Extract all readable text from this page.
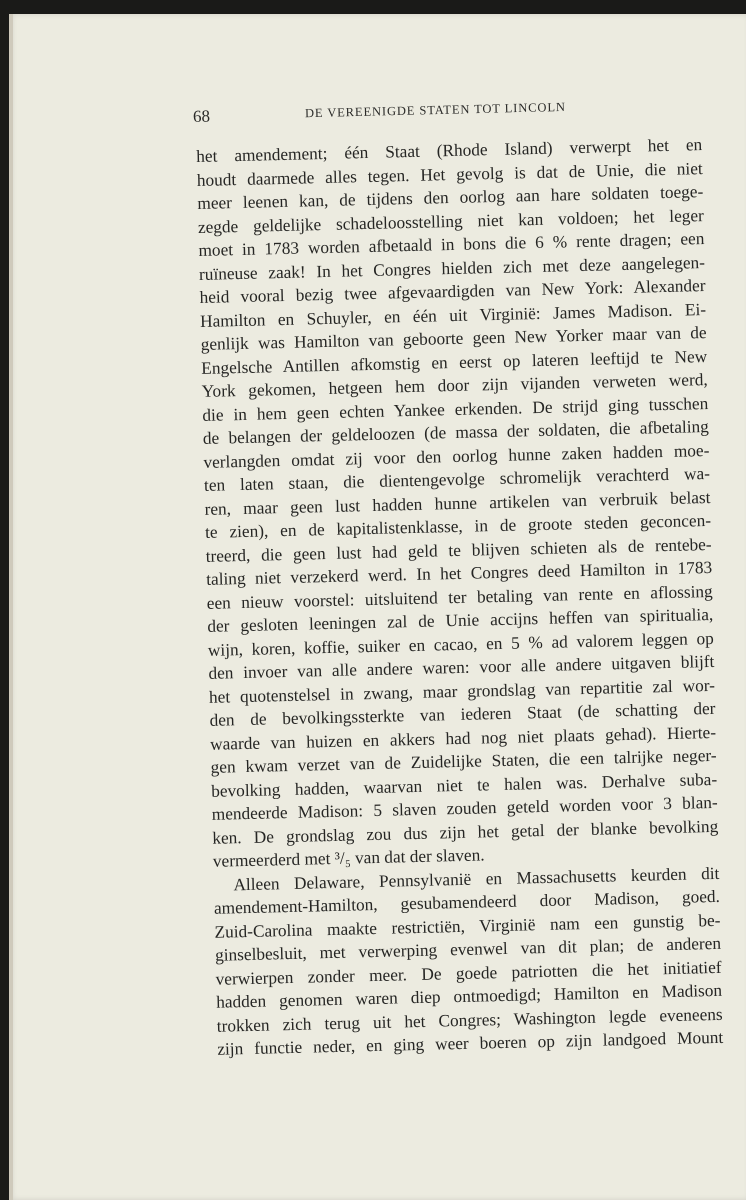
68	DE VEREENIGDE STATEN TOT LINCOLN
het amendement; één Staat (Rhode Island) verwerpt het en
houdt daarmede alles tegen. Het gevolg is dat de Unie, die niet
meer leenen kan, de tijdens den oorlog aan hare soldaten toege-
zegde geldelijke schadeloosstelling niet kan voldoen; het leger
moet in 1783 worden afbetaald in bons die 6 % rente dragen; een
ruïneuse zaak! In het Congres hielden zich met deze aangelegen-
heid vooral bezig twee afgevaardigden van New York: Alexander
Hamilton en Schuyler, en één uit Virginië: James Madison. Ei-
genlijk was Hamilton van geboorte geen New Yorker maar van de
Engelsche Antillen afkomstig en eerst op lateren leeftijd te New
York gekomen, hetgeen hem door zijn vijanden verweten werd,
die in hem geen echten Yankee erkenden. De strijd ging tusschen
de belangen der geldeloozen (de massa der soldaten, die afbetaling
verlangden omdat zij voor den oorlog hunne zaken hadden moe-
ten laten staan, die dientengevolge schromelijk verachterd wa-
ren, maar geen lust hadden hunne artikelen van verbruik belast
te zien), en de kapitalistenklasse, in de groote steden geconcen-
treerd, die geen lust had geld te blijven schieten als de rentebe-
taling niet verzekerd werd. In het Congres deed Hamilton in 1783
een nieuw voorstel: uitsluitend ter betaling van rente en aflossing
der gesloten leeningen zal de Unie accijns heffen van spiritualia,
wijn, koren, koffie, suiker en cacao, en 5 % ad valorem leggen op
den invoer van alle andere waren: voor alle andere uitgaven blijft
het quotenstelsel in zwang, maar grondslag van repartitie zal wor-
den de bevolkingssterkte van iederen Staat (de schatting der
waarde van huizen en akkers had nog niet plaats gehad). Hierte-
gen kwam verzet van de Zuidelijke Staten, die een talrijke neger-
bevolking hadden, waarvan niet te halen was. Derhalve suba-
mendeerde Madison: 5 slaven zouden geteld worden voor 3 blan-
ken. De grondslag zou dus zijn het getal der blanke bevolking
vermeerderd met ³/₅ van dat der slaven.
Alleen Delaware, Pennsylvanië en Massachusetts keurden dit
amendement-Hamilton, gesubamendeerd door Madison, goed.
Zuid-Carolina maakte restrictiën, Virginië nam een gunstig be-
ginselbesluit, met verwerping evenwel van dit plan; de anderen
verwierpen zonder meer. De goede patriotten die het initiatief
hadden genomen waren diep ontmoedigd; Hamilton en Madison
trokken zich terug uit het Congres; Washington legde eveneens
zijn functie neder, en ging weer boeren op zijn landgoed Mount
